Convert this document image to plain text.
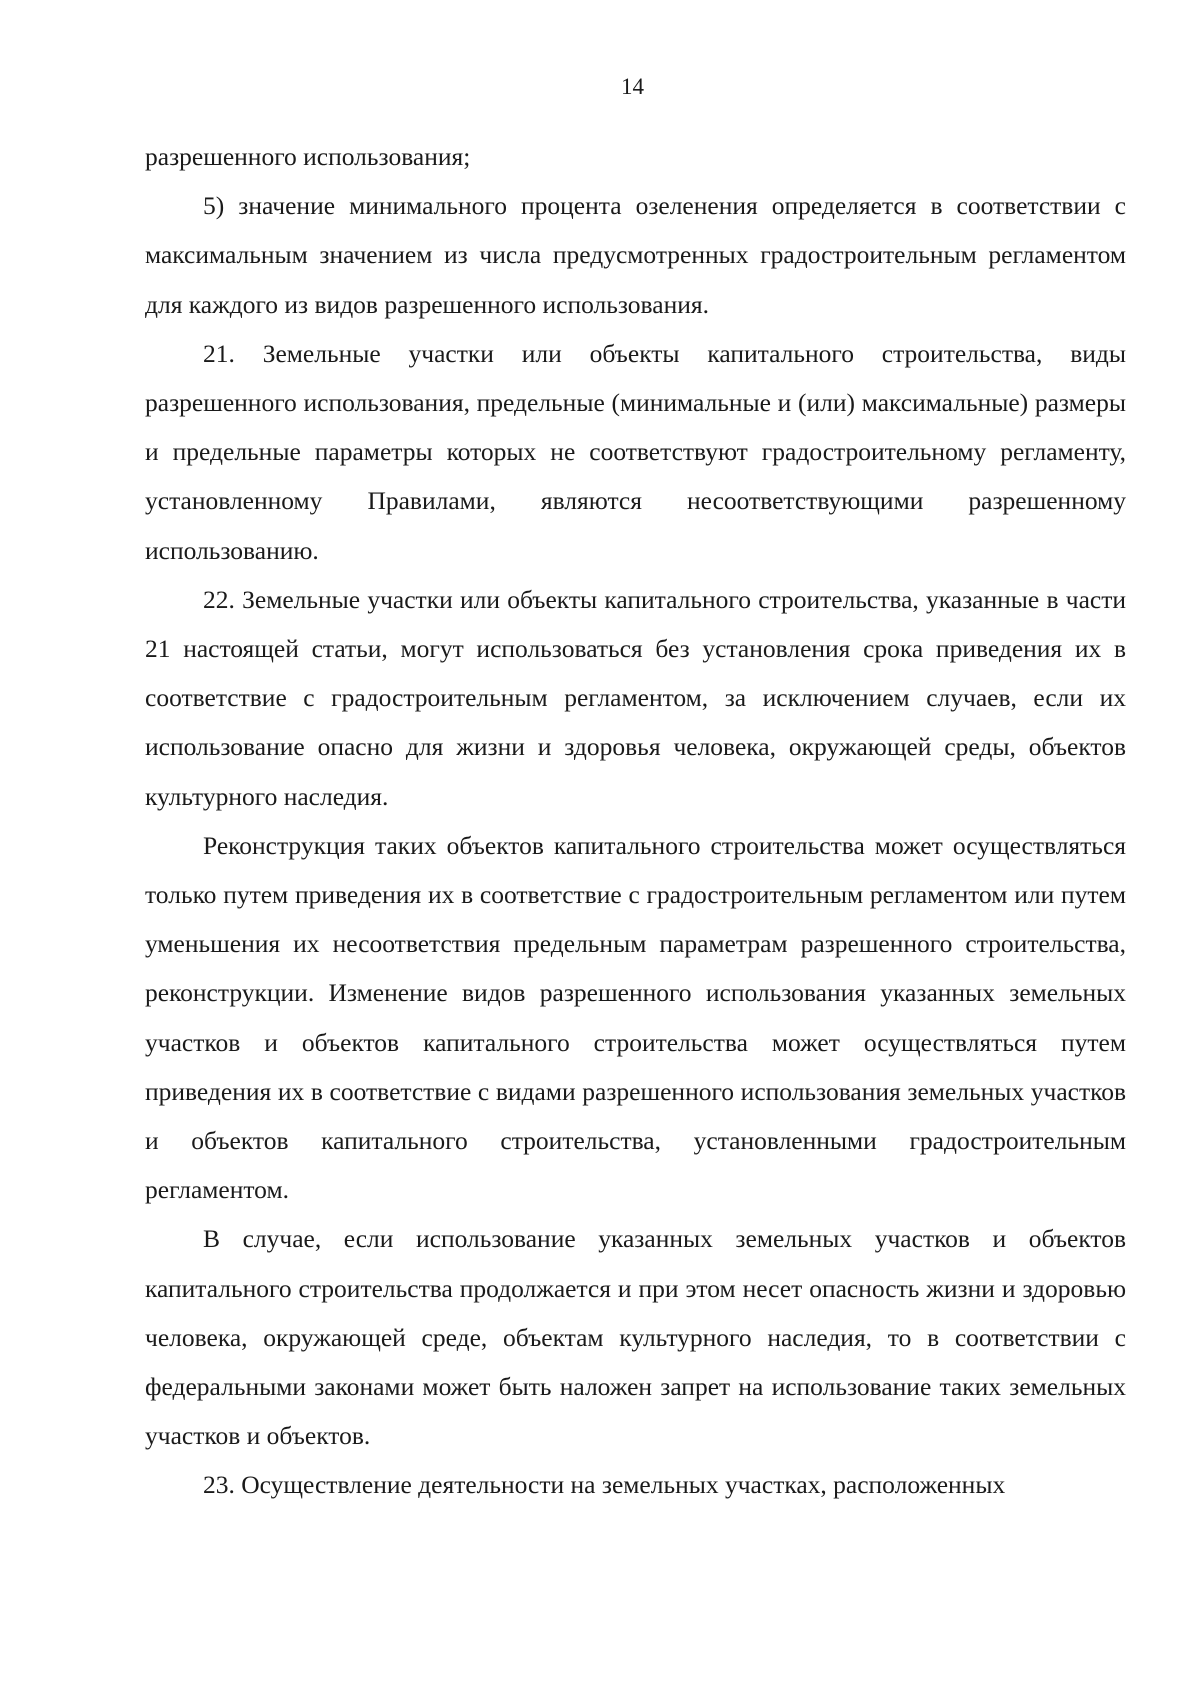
14

разрешенного использования;

5) значение минимального процента озеленения определяется в соответствии с максимальным значением из числа предусмотренных градостроительным регламентом для каждого из видов разрешенного использования.

21. Земельные участки или объекты капитального строительства, виды разрешенного использования, предельные (минимальные и (или) максимальные) размеры и предельные параметры которых не соответствуют градостроительному регламенту, установленному Правилами, являются несоответствующими разрешенному использованию.

22. Земельные участки или объекты капитального строительства, указанные в части 21 настоящей статьи, могут использоваться без установления срока приведения их в соответствие с градостроительным регламентом, за исключением случаев, если их использование опасно для жизни и здоровья человека, окружающей среды, объектов культурного наследия.

Реконструкция таких объектов капитального строительства может осуществляться только путем приведения их в соответствие с градостроительным регламентом или путем уменьшения их несоответствия предельным параметрам разрешенного строительства, реконструкции. Изменение видов разрешенного использования указанных земельных участков и объектов капитального строительства может осуществляться путем приведения их в соответствие с видами разрешенного использования земельных участков и объектов капитального строительства, установленными градостроительным регламентом.

В случае, если использование указанных земельных участков и объектов капитального строительства продолжается и при этом несет опасность жизни и здоровью человека, окружающей среде, объектам культурного наследия, то в соответствии с федеральными законами может быть наложен запрет на использование таких земельных участков и объектов.

23. Осуществление деятельности на земельных участках, расположенных
